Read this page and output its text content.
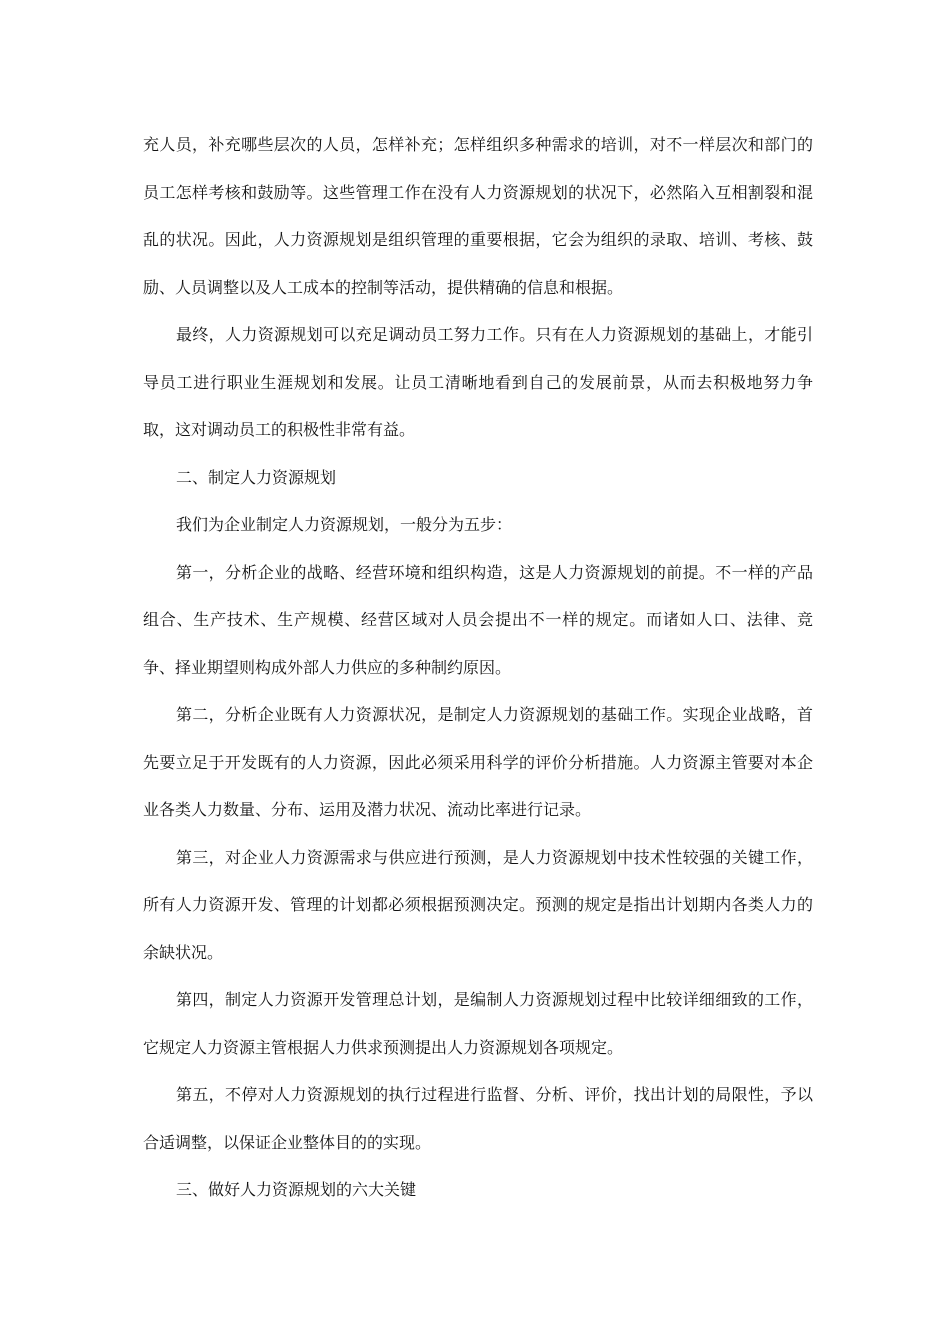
充人员，补充哪些层次的人员，怎样补充；怎样组织多种需求的培训，对不一样层次和部门的员工怎样考核和鼓励等。这些管理工作在没有人力资源规划的状况下，必然陷入互相割裂和混乱的状况。因此，人力资源规划是组织管理的重要根据，它会为组织的录取、培训、考核、鼓励、人员调整以及人工成本的控制等活动，提供精确的信息和根据。

最终，人力资源规划可以充足调动员工努力工作。只有在人力资源规划的基础上，才能引导员工进行职业生涯规划和发展。让员工清晰地看到自己的发展前景，从而去积极地努力争取，这对调动员工的积极性非常有益。

二、制定人力资源规划

我们为企业制定人力资源规划，一般分为五步：

第一，分析企业的战略、经营环境和组织构造，这是人力资源规划的前提。不一样的产品组合、生产技术、生产规模、经营区域对人员会提出不一样的规定。而诸如人口、法律、竞争、择业期望则构成外部人力供应的多种制约原因。

第二，分析企业既有人力资源状况，是制定人力资源规划的基础工作。实现企业战略，首先要立足于开发既有的人力资源，因此必须采用科学的评价分析措施。人力资源主管要对本企业各类人力数量、分布、运用及潜力状况、流动比率进行记录。

第三，对企业人力资源需求与供应进行预测，是人力资源规划中技术性较强的关键工作，所有人力资源开发、管理的计划都必须根据预测决定。预测的规定是指出计划期内各类人力的余缺状况。

第四，制定人力资源开发管理总计划，是编制人力资源规划过程中比较详细细致的工作，它规定人力资源主管根据人力供求预测提出人力资源规划各项规定。

第五，不停对人力资源规划的执行过程进行监督、分析、评价，找出计划的局限性，予以合适调整，以保证企业整体目的的实现。

三、做好人力资源规划的六大关键
